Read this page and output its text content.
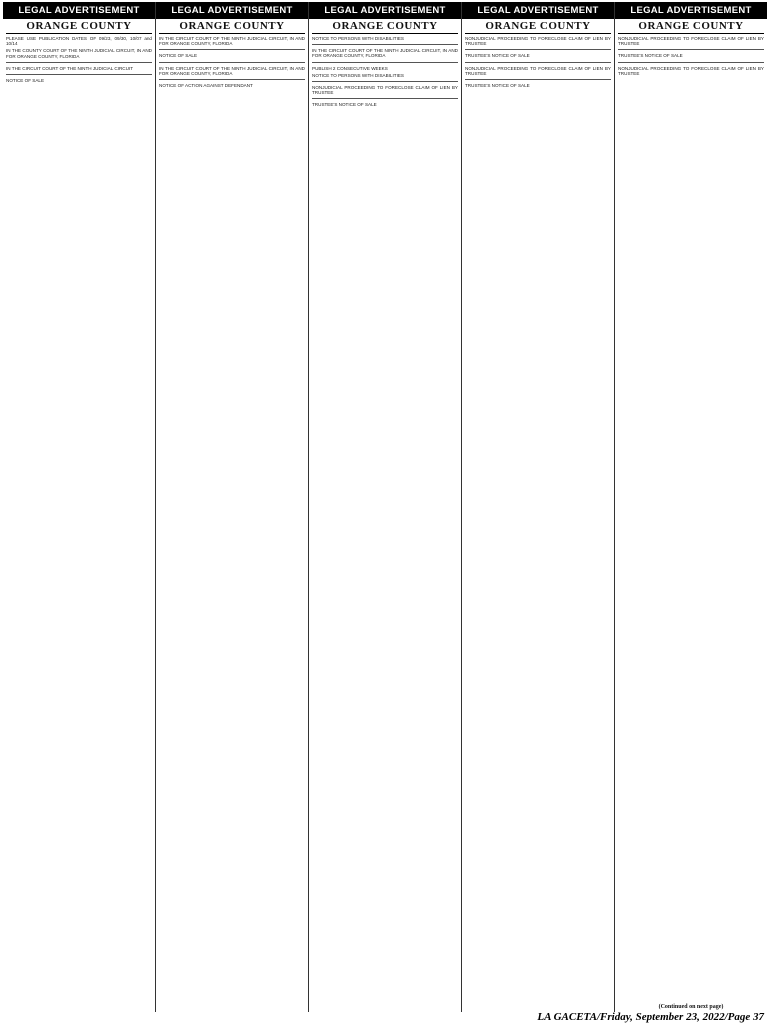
LEGAL ADVERTISEMENT
ORANGE COUNTY

PLEASE USE PUBLICATION DATES OF 09/23, 09/30, 10/07 and 10/14

IN THE COUNTY COURT OF THE NINTH JUDICIAL CIRCUIT, IN AND FOR ORANGE COUNTY, FLORIDA

IN THE CIRCUIT COURT OF THE NINTH JUDICIAL CIRCUIT

NOTICE OF SALE

LEGAL ADVERTISEMENT
ORANGE COUNTY

IN THE CIRCUIT COURT OF THE NINTH JUDICIAL CIRCUIT, IN AND FOR ORANGE COUNTY, FLORIDA

NOTICE OF SALE

IN THE CIRCUIT COURT OF THE NINTH JUDICIAL CIRCUIT, IN AND FOR ORANGE COUNTY, FLORIDA

NOTICE OF ACTION AGAINST DEFENDANT

LEGAL ADVERTISEMENT
ORANGE COUNTY

NOTICE TO PERSONS WITH DISABILITIES

IN THE CIRCUIT COURT OF THE NINTH JUDICIAL CIRCUIT, IN AND FOR ORANGE COUNTY, FLORIDA

PUBLISH 2 CONSECUTIVE WEEKS

NOTICE TO PERSONS WITH DISABILITIES

NONJUDICIAL PROCEEDING TO FORECLOSE CLAIM OF LIEN BY TRUSTEE

TRUSTEE'S NOTICE OF SALE

LEGAL ADVERTISEMENT
ORANGE COUNTY

NONJUDICIAL PROCEEDING TO FORECLOSE CLAIM OF LIEN BY TRUSTEE

TRUSTEE'S NOTICE OF SALE

NONJUDICIAL PROCEEDING TO FORECLOSE CLAIM OF LIEN BY TRUSTEE

TRUSTEE'S NOTICE OF SALE

LEGAL ADVERTISEMENT
ORANGE COUNTY

NONJUDICIAL PROCEEDING TO FORECLOSE CLAIM OF LIEN BY TRUSTEE

TRUSTEE'S NOTICE OF SALE

NONJUDICIAL PROCEEDING TO FORECLOSE CLAIM OF LIEN BY TRUSTEE

(Continued on next page)
LA GACETA/Friday, September 23, 2022/Page 37
